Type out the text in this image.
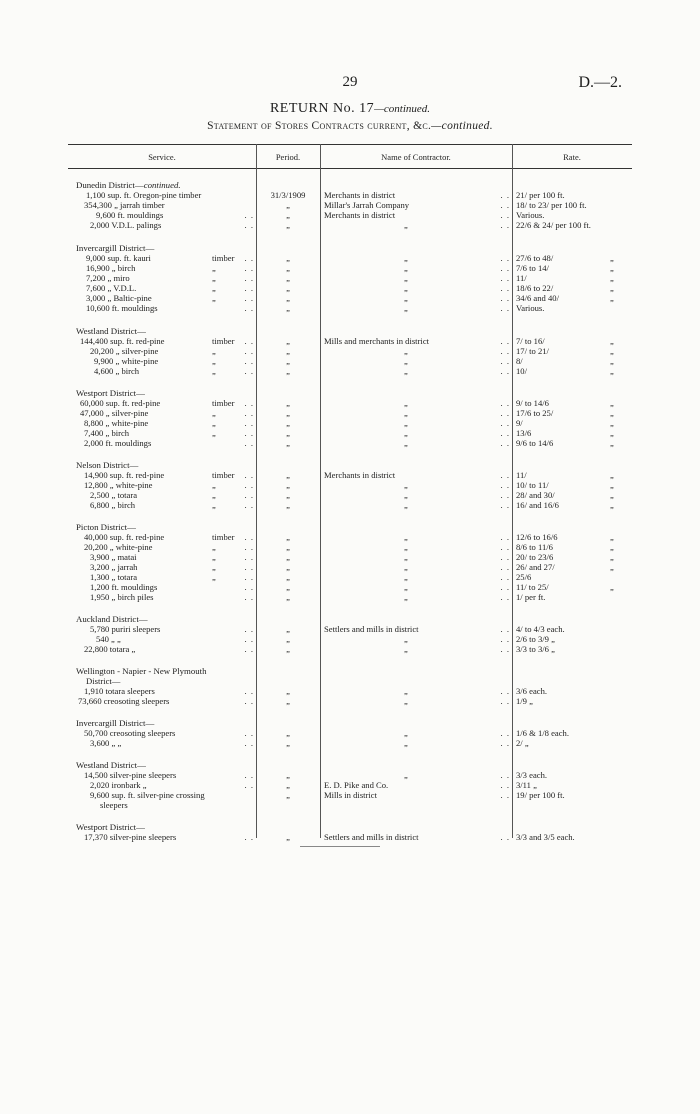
29	D.—2.
RETURN No. 17—continued.
Statement of Stores Contracts current, &c.—continued.
Service.	Period.	Name of Contractor.	Rate.
Dunedin District—continued.
1,100 sup. ft. Oregon-pine timber	31/3/1909	Merchants in district	. . 21/ per 100 ft.
354,300 „ jarrah timber	„	Millar's Jarrah Company	. . 18/ to 23/ per 100 ft.
9,600 ft. mouldings	. .	„	Merchants in district	. . Various.
2,000 V.D.L. palings	. .	„	„	. . 22/6 & 24/ per 100 ft.
Invercargill District—
9,000 sup. ft. kauri	timber . .	„	„	. . 27/6 to 48/	„
16,900 „ birch	„	. .	„	„	. . 7/6 to 14/	„
7,200 „ miro	„	. .	„	„	. . 11/	„
7,600 „ V.D.L.	„	. .	„	„	. . 18/6 to 22/	„
3,000 „ Baltic-pine	„	. .	„	„	. . 34/6 and 40/	„
10,600 ft. mouldings	. .	„	„	. . Various.
Westland District—
144,400 sup. ft. red-pine	timber . .	„	Mills and merchants in district	. . 7/ to 16/	„
20,200 „ silver-pine	„	. .	„	„	. . 17/ to 21/	„
9,900 „ white-pine	„	. .	„	„	. . 8/	„
4,600 „ birch	„	. .	„	„	. . 10/	„
Westport District—
60,000 sup. ft. red-pine	timber . .	„	„	. . 9/ to 14/6	„
47,000 „ silver-pine	„	. .	„	„	. . 17/6 to 25/	„
8,800 „ white-pine	„	. .	„	„	. . 9/	„
7,400 „ birch	„	. .	„	„	. . 13/6	„
2,000 ft. mouldings	. .	„	„	. . 9/6 to 14/6	„
Nelson District—
14,900 sup. ft. red-pine	timber . .	„	Merchants in district	. . 11/	„
12,800 „ white-pine	„	. .	„	„	. . 10/ to 11/	„
2,500 „ totara	„	. .	„	„	. . 28/ and 30/	„
6,800 „ birch	„	. .	„	„	. . 16/ and 16/6	„
Picton District—
40,000 sup. ft. red-pine	timber . .	„	„	. . 12/6 to 16/6	„
20,200 „ white-pine	„	. .	„	„	. . 8/6 to 11/6	„
3,900 „ matai	„	. .	„	„	. . 20/ to 23/6	„
3,200 „ jarrah	„	. .	„	„	. . 26/ and 27/	„
1,300 „ totara	„	. .	„	„	. . 25/6
1,200 ft. mouldings	. .	„	„	. . 11/ to 25/	„
1,950 „ birch piles	. .	„	„	. . 1/ per ft.
Auckland District—
5,780 puriri sleepers	. .	„	Settlers and mills in district	. . 4/ to 4/3 each.
540 „ „	. .	„	„	. . 2/6 to 3/9 „
22,800 totara „	. .	„	„	. . 3/3 to 3/6 „
Wellington - Napier - New Plymouth
District—
1,910 totara sleepers	. .	„	„	. . 3/6 each.
73,660 creosoting sleepers	. .	„	„	. . 1/9 „
Invercargill District—
50,700 creosoting sleepers	. .	„	„	. . 1/6 & 1/8 each.
3,600 „ „	. .	„	„	. . 2/ „
Westland District—
14,500 silver-pine sleepers	. .	„	„	. . 3/3 each.
2,020 ironbark „	. .	„	E. D. Pike and Co.	. . 3/11 „
9,600 sup. ft. silver-pine crossing	„	Mills in district	. . 19/ per 100 ft.
sleepers
Westport District—
17,370 silver-pine sleepers	. .	„	Settlers and mills in district	. . 3/3 and 3/5 each.
